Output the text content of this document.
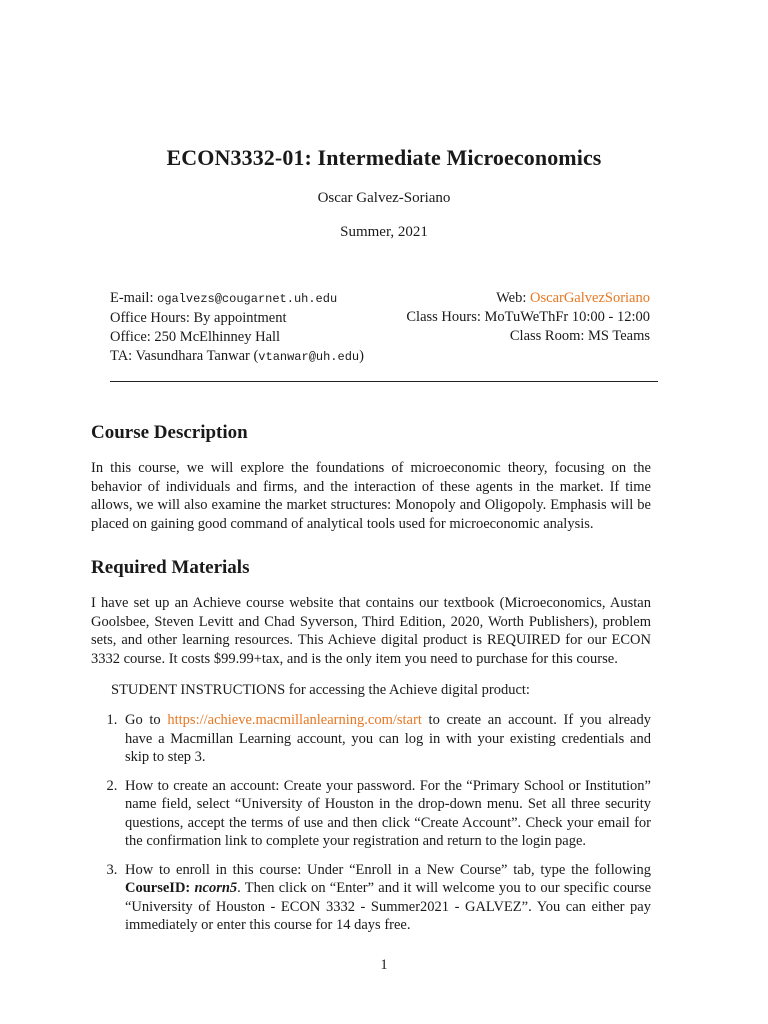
ECON3332-01: Intermediate Microeconomics
Oscar Galvez-Soriano
Summer, 2021
E-mail: ogalvezs@cougarnet.uh.edu
Office Hours: By appointment
Office: 250 McElhinney Hall
TA: Vasundhara Tanwar (vtanwar@uh.edu)
Web: OscarGalvezSoriano
Class Hours: MoTuWeThFr 10:00 - 12:00
Class Room: MS Teams
Course Description

In this course, we will explore the foundations of microeconomic theory, focusing on the behavior of individuals and firms, and the interaction of these agents in the market. If time allows, we will also examine the market structures: Monopoly and Oligopoly. Emphasis will be placed on gaining good command of analytical tools used for microeconomic analysis.

Required Materials

I have set up an Achieve course website that contains our textbook (Microeconomics, Austan Goolsbee, Steven Levitt and Chad Syverson, Third Edition, 2020, Worth Publishers), problem sets, and other learning resources. This Achieve digital product is REQUIRED for our ECON 3332 course. It costs $99.99+tax, and is the only item you need to purchase for this course.

STUDENT INSTRUCTIONS for accessing the Achieve digital product:

1. Go to https://achieve.macmillanlearning.com/start to create an account. If you already have a Macmillan Learning account, you can log in with your existing credentials and skip to step 3.
2. How to create an account: Create your password. For the “Primary School or Institution” name field, select “University of Houston in the drop-down menu. Set all three security questions, accept the terms of use and then click “Create Account”. Check your email for the confirmation link to complete your registration and return to the login page.
3. How to enroll in this course: Under “Enroll in a New Course” tab, type the following CourseID: ncorn5. Then click on “Enter” and it will welcome you to our specific course “University of Houston - ECON 3332 - Summer2021 - GALVEZ”. You can either pay immediately or enter this course for 14 days free.
1
